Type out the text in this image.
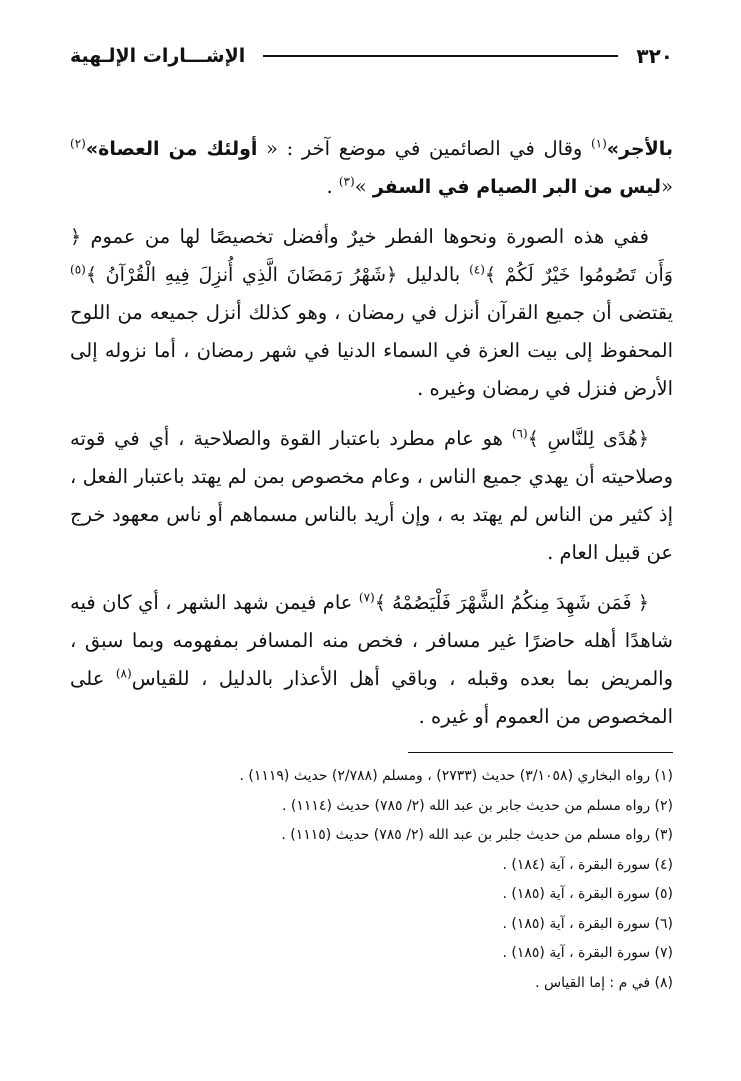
٣٢٠
الإشـــارات الإلـهية

بالأجر»$^{(١)}$ وقال في الصائمين في موضع آخر : « أولئك من العصاة»$^{(٢)}$ «ليس من البر الصيام في السفر »$^{(٣)}$ .

ففي هذه الصورة ونحوها الفطر خيرٌ وأفضل تخصيصًا لها من عموم ﴿ وَأَن تَصُومُوا خَيْرٌ لَكُمْ ﴾$^{(٤)}$ بالدليل ﴿شَهْرُ رَمَضَانَ الَّذِي أُنزِلَ فِيهِ الْقُرْآنُ ﴾$^{(٥)}$ يقتضى أن جميع القرآن أنزل في رمضان ، وهو كذلك أنزل جميعه من اللوح المحفوظ إلى بيت العزة في السماء الدنيا في شهر رمضان ، أما نزوله إلى الأرض فنزل في رمضان وغيره .

﴿هُدًى لِلنَّاسِ ﴾$^{(٦)}$ هو عام مطرد باعتبار القوة والصلاحية ، أي في قوته وصلاحيته أن يهدي جميع الناس ، وعام مخصوص بمن لم يهتد باعتبار الفعل ، إذ كثير من الناس لم يهتد به ، وإن أريد بالناس مسماهم أو ناس معهود خرج عن قبيل العام .

﴿ فَمَن شَهِدَ مِنكُمُ الشَّهْرَ فَلْيَصُمْهُ ﴾$^{(٧)}$ عام فيمن شهد الشهر ، أي كان فيه شاهدًا أهله حاضرًا غير مسافر ، فخص منه المسافر بمفهومه وبما سبق ، والمريض بما بعده وقبله ، وباقي أهل الأعذار بالدليل ، للقياس$^{(٨)}$ على المخصوص من العموم أو غيره .

(١) رواه البخاري (٣/١٠٥٨) حديث (٢٧٣٣) ، ومسلم (٢/٧٨٨) حديث (١١١٩) .
(٢) رواه مسلم من حديث جابر بن عبد الله (٢/ ٧٨٥) حديث (١١١٤) .
(٣) رواه مسلم من حديث جلبر بن عبد الله (٢/ ٧٨٥) حديث (١١١٥) .
(٤) سورة البقرة ، آية (١٨٤) .
(٥) سورة البقرة ، آية (١٨٥) .
(٦) سورة البقرة ، آية (١٨٥) .
(٧) سورة البقرة ، آية (١٨٥) .
(٨) في م : إما القياس .
